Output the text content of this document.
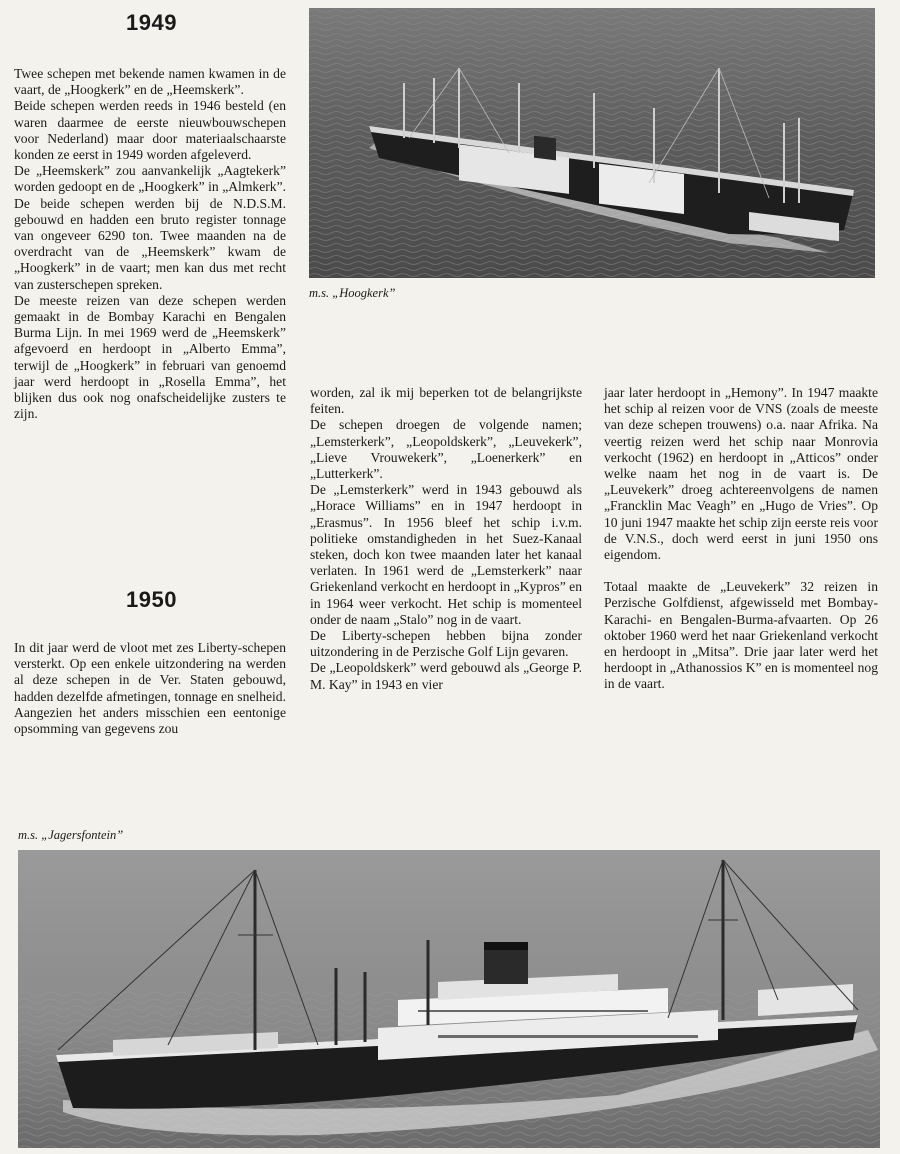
1949

Twee schepen met bekende namen kwamen in de vaart, de „Hoogkerk” en de „Heemskerk”.

Beide schepen werden reeds in 1946 besteld (en waren daarmee de eerste nieuwbouwschepen voor Nederland) maar door materiaalschaarste konden ze eerst in 1949 worden afgeleverd.

De „Heemskerk” zou aanvankelijk „Aagtekerk” worden gedoopt en de „Hoogkerk” in „Almkerk”. De beide schepen werden bij de N.D.S.M. gebouwd en hadden een bruto register tonnage van ongeveer 6290 ton. Twee maanden na de overdracht van de „Heemskerk” kwam de „Hoogkerk” in de vaart; men kan dus met recht van zusterschepen spreken.

De meeste reizen van deze schepen werden gemaakt in de Bombay Karachi en Bengalen Burma Lijn. In mei 1969 werd de „Heemskerk” afgevoerd en herdoopt in „Alberto Emma”, terwijl de „Hoogkerk” in februari van genoemd jaar werd herdoopt in „Rosella Emma”, het blijken dus ook nog onafscheidelijke zusters te zijn.

m.s. „Hoogkerk”
1950

In dit jaar werd de vloot met zes Liberty-schepen versterkt. Op een enkele uitzondering na werden al deze schepen in de Ver. Staten gebouwd, hadden dezelfde afmetingen, tonnage en snelheid. Aangezien het anders misschien een eentonige opsomming van gegevens zou

worden, zal ik mij beperken tot de belangrijkste feiten.

De schepen droegen de volgende namen; „Lemsterkerk”, „Leopoldskerk”, „Leuvekerk”, „Lieve Vrouwekerk”, „Loenerkerk” en „Lutterkerk”.

De „Lemsterkerk” werd in 1943 gebouwd als „Horace Williams” en in 1947 herdoopt in „Erasmus”. In 1956 bleef het schip i.v.m. politieke omstandigheden in het Suez-Kanaal steken, doch kon twee maanden later het kanaal verlaten. In 1961 werd de „Lemsterkerk” naar Griekenland verkocht en herdoopt in „Kypros” en in 1964 weer verkocht. Het schip is momenteel onder de naam „Stalo” nog in de vaart.

De Liberty-schepen hebben bijna zonder uitzondering in de Perzische Golf Lijn gevaren.

De „Leopoldskerk” werd gebouwd als „George P. M. Kay” in 1943 en vier

jaar later herdoopt in „Hemony”. In 1947 maakte het schip al reizen voor de VNS (zoals de meeste van deze schepen trouwens) o.a. naar Afrika. Na veertig reizen werd het schip naar Monrovia verkocht (1962) en herdoopt in „Atticos” onder welke naam het nog in de vaart is. De „Leuvekerk” droeg achtereenvolgens de namen „Francklin Mac Veagh” en „Hugo de Vries”. Op 10 juni 1947 maakte het schip zijn eerste reis voor de V.N.S., doch werd eerst in juni 1950 ons eigendom.

Totaal maakte de „Leuvekerk” 32 reizen in Perzische Golfdienst, afgewisseld met Bombay-Karachi- en Bengalen-Burma-afvaarten. Op 26 oktober 1960 werd het naar Griekenland verkocht en herdoopt in „Mitsa”. Drie jaar later werd het herdoopt in „Athanossios K” en is momenteel nog in de vaart.

m.s. „Jagersfontein”
